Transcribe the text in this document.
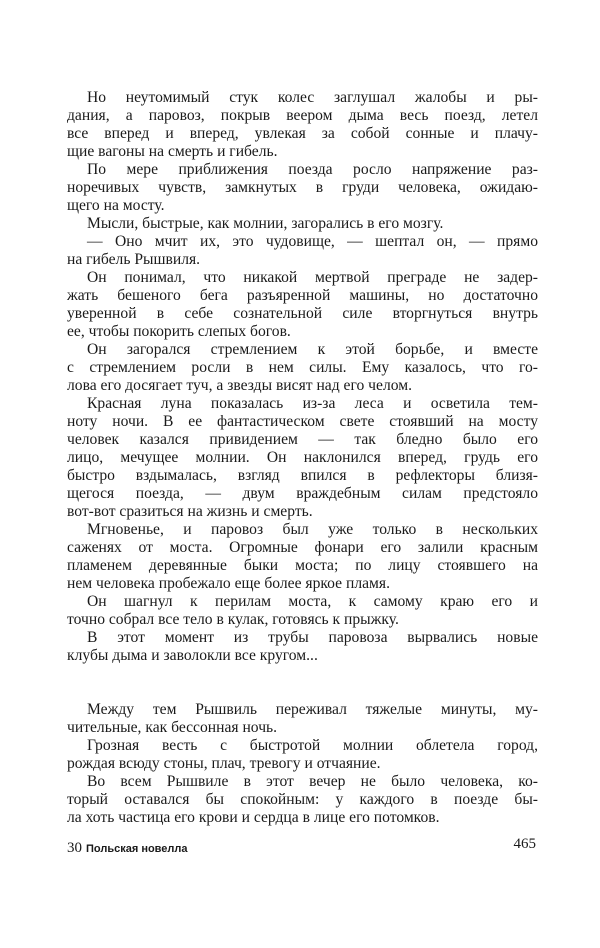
Но неутомимый стук колес заглушал жалобы и ры-
дания, а паровоз, покрыв веером дыма весь поезд, летел
все вперед и вперед, увлекая за собой сонные и плачу-
щие вагоны на смерть и гибель.
По мере приближения поезда росло напряжение раз-
норечивых чувств, замкнутых в груди человека, ожидаю-
щего на мосту.
Мысли, быстрые, как молнии, загорались в его мозгу.
— Оно мчит их, это чудовище, — шептал он, — прямо
на гибель Рышвиля.
Он понимал, что никакой мертвой преграде не задер-
жать бешеного бега разъяренной машины, но достаточно
уверенной в себе сознательной силе вторгнуться внутрь
ее, чтобы покорить слепых богов.
Он загорался стремлением к этой борьбе, и вместе
с стремлением росли в нем силы. Ему казалось, что го-
лова его досягает туч, а звезды висят над его челом.
Красная луна показалась из-за леса и осветила тем-
ноту ночи. В ее фантастическом свете стоявший на мосту
человек казался привидением — так бледно было его
лицо, мечущее молнии. Он наклонился вперед, грудь его
быстро вздымалась, взгляд впился в рефлекторы близя-
щегося поезда, — двум враждебным силам предстояло
вот-вот сразиться на жизнь и смерть.
Мгновенье, и паровоз был уже только в нескольких
саженях от моста. Огромные фонари его залили красным
пламенем деревянные быки моста; по лицу стоявшего на
нем человека пробежало еще более яркое пламя.
Он шагнул к перилам моста, к самому краю его и
точно собрал все тело в кулак, готовясь к прыжку.
В этот момент из трубы паровоза вырвались новые
клубы дыма и заволокли все кругом...
Между тем Рышвиль переживал тяжелые минуты, му-
чительные, как бессонная ночь.
Грозная весть с быстротой молнии облетела город,
рождая всюду стоны, плач, тревогу и отчаяние.
Во всем Рышвиле в этот вечер не было человека, ко-
торый оставался бы спокойным: у каждого в поезде бы-
ла хоть частица его крови и сердца в лице его потомков.
30 Польская новелла	465
